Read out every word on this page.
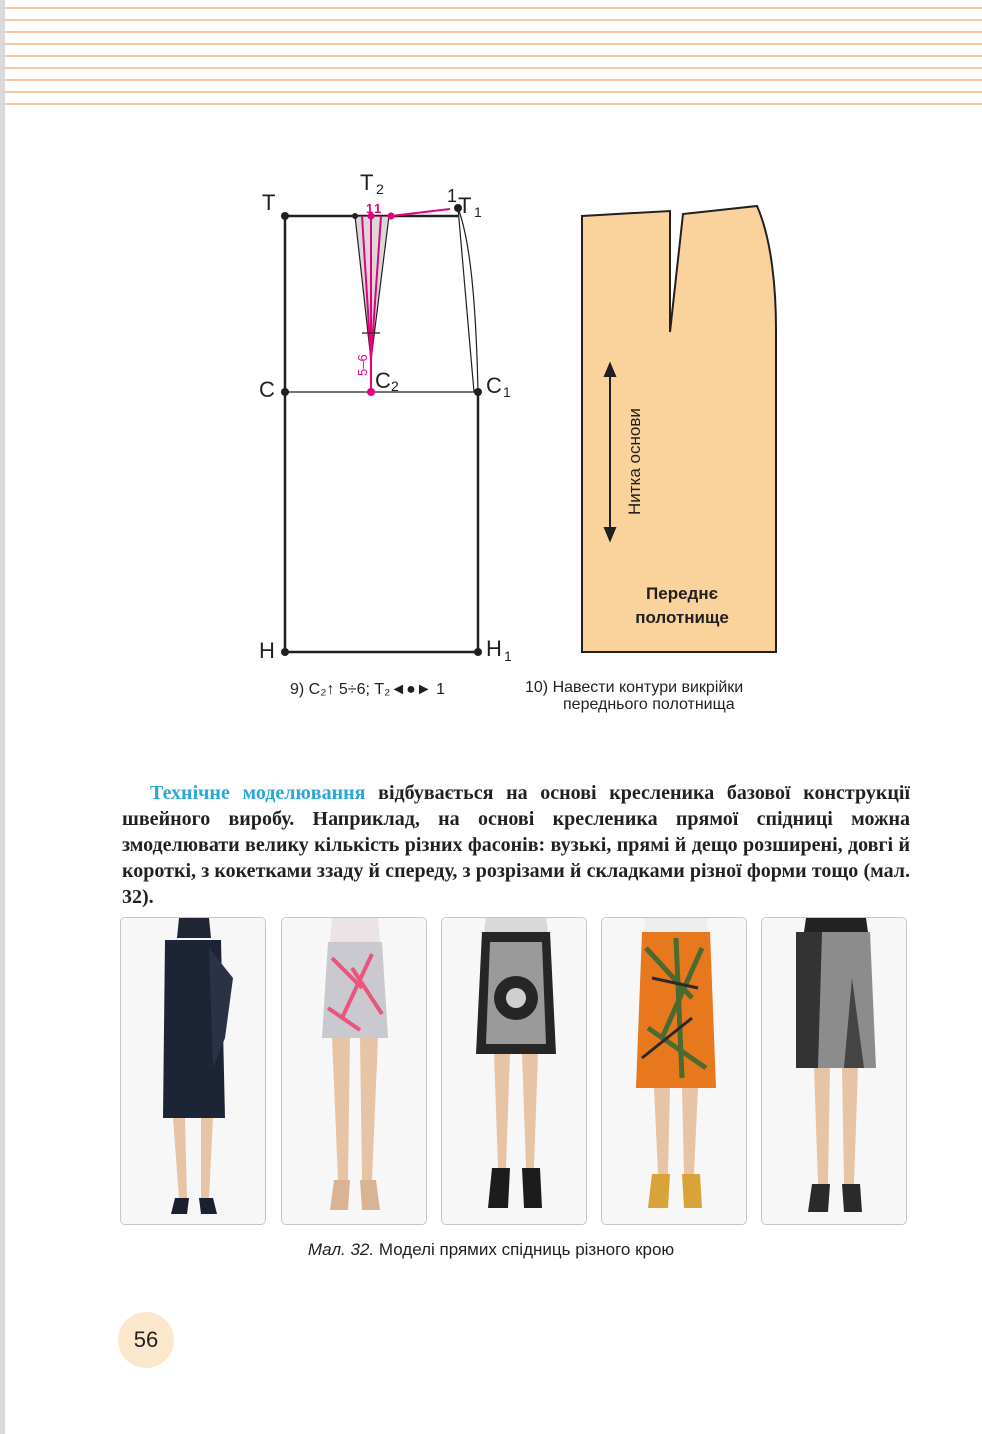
Т
Т 2	1 Т 1
1 1
5–6
С	С 2	С 1
Н	Н 1
9) С₂↑ 5÷6; Т₂◄●► 1
Нитка основи
Переднє
полотнище
10) Навести контури викрійки
переднього полотнища

Технічне моделювання відбувається на основі кресленика базової конструкції швейного виробу. Наприклад, на основі кресленика прямої спідниці можна змоделювати велику кількість різних фасонів: вузькі, прямі й дещо розширені, довгі й короткі, з кокетками ззаду й спереду, з розрізами й складками різної форми тощо (мал. 32).

Мал. 32. Моделі прямих спідниць різного крою
56
